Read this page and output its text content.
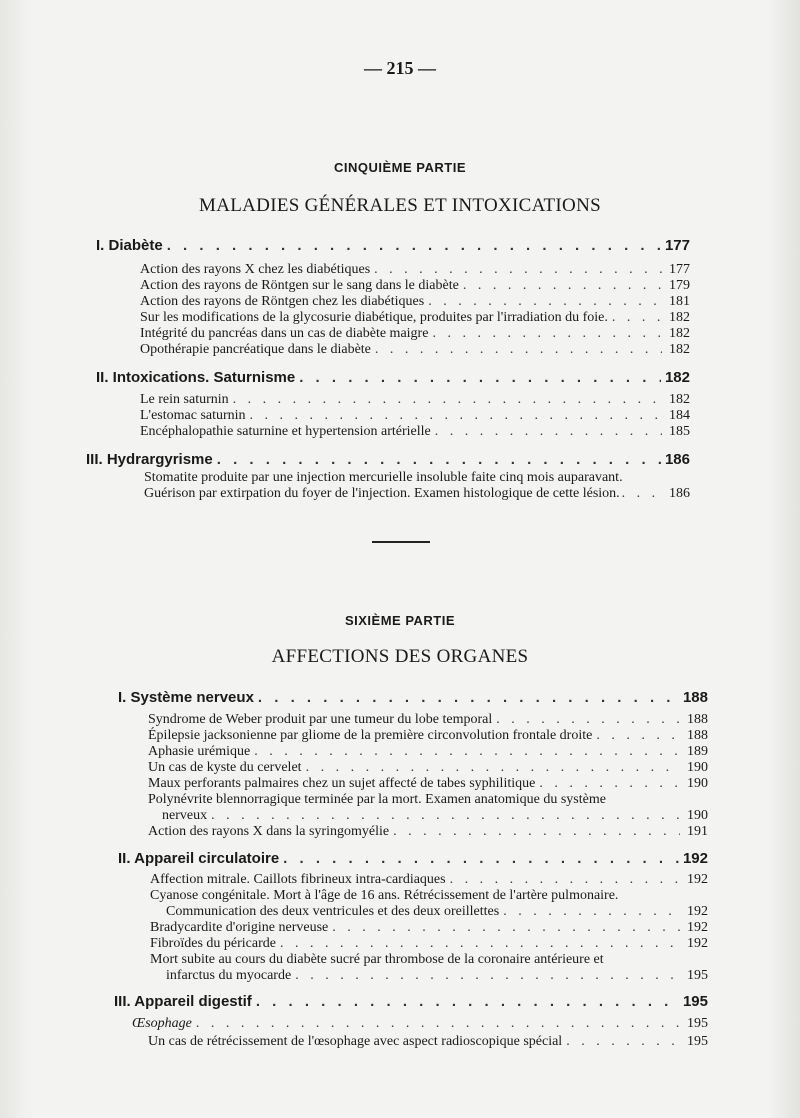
— 215 —
CINQUIÈME PARTIE
MALADIES GÉNÉRALES ET INTOXICATIONS
I. Diabète . . .	177
Action des rayons X chez les diabétiques . . .	177
Action des rayons de Röntgen sur le sang dans le diabète . . .	179
Action des rayons de Röntgen chez les diabétiques . . .	181
Sur les modifications de la glycosurie diabétique, produites par l'irradiation du foie. . . .	182
Intégrité du pancréas dans un cas de diabète maigre . . .	182
Opothérapie pancréatique dans le diabète . . .	182
II. Intoxications. Saturnisme . . .	182
Le rein saturnin . . .	182
L'estomac saturnin . . .	184
Encéphalopathie saturnine et hypertension artérielle . . .	185
III. Hydrargyrisme . . .	186
Stomatite produite par une injection mercurielle insoluble faite cinq mois auparavant.
Guérison par extirpation du foyer de l'injection. Examen histologique de cette lésion. . . .	186
SIXIÈME PARTIE
AFFECTIONS DES ORGANES
I. Système nerveux . . .	188
Syndrome de Weber produit par une tumeur du lobe temporal . . .	188
Épilepsie jacksonienne par gliome de la première circonvolution frontale droite . . .	188
Aphasie urémique . . .	189
Un cas de kyste du cervelet . . .	190
Maux perforants palmaires chez un sujet affecté de tabes syphilitique . . .	190
Polynévrite blennorragique terminée par la mort. Examen anatomique du système
nerveux . . .	190
Action des rayons X dans la syringomyélie . . .	191
II. Appareil circulatoire . . .	192
Affection mitrale. Caillots fibrineux intra-cardiaques . . .	192
Cyanose congénitale. Mort à l'âge de 16 ans. Rétrécissement de l'artère pulmonaire.
Communication des deux ventricules et des deux oreillettes . . .	192
Bradycardite d'origine nerveuse . . .	192
Fibroïdes du péricarde . . .	192
Mort subite au cours du diabète sucré par thrombose de la coronaire antérieure et
infarctus du myocarde . . .	195
III. Appareil digestif . . .	195
Œsophage . . .	195
Un cas de rétrécissement de l'œsophage avec aspect radioscopique spécial . . .	195
